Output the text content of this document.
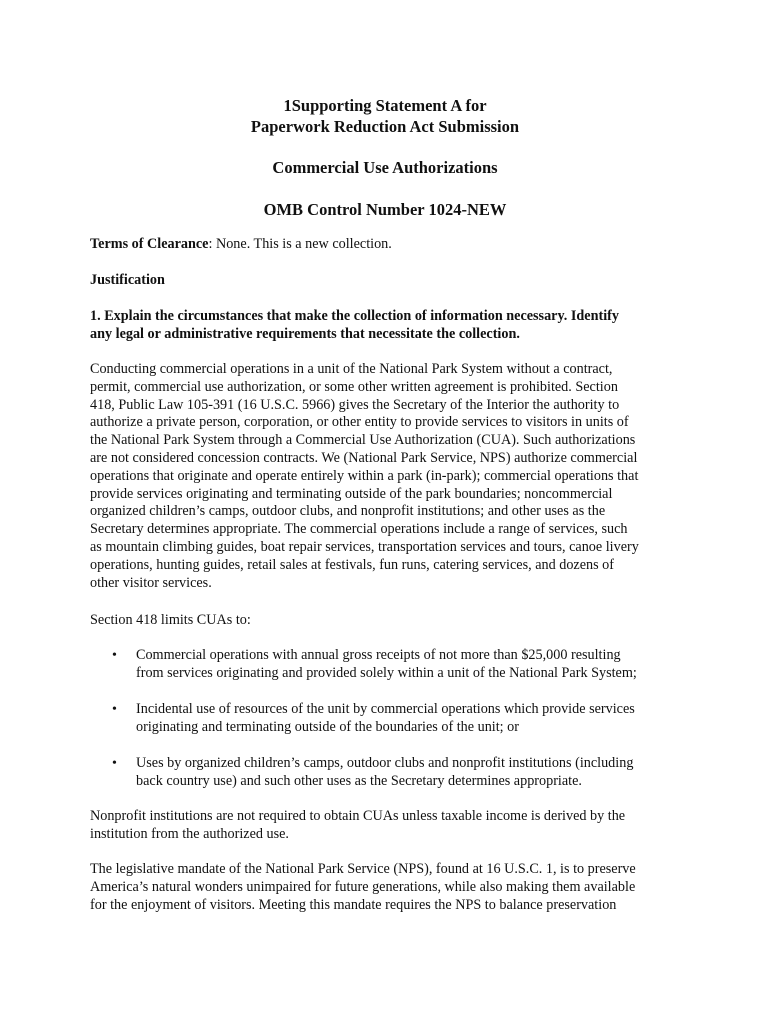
1Supporting Statement A for
Paperwork Reduction Act Submission
Commercial Use Authorizations
OMB Control Number 1024-NEW
Terms of Clearance: None. This is a new collection.
Justification
1. Explain the circumstances that make the collection of information necessary. Identify
any legal or administrative requirements that necessitate the collection.
Conducting commercial operations in a unit of the National Park System without a contract,
permit, commercial use authorization, or some other written agreement is prohibited. Section
418, Public Law 105-391 (16 U.S.C. 5966) gives the Secretary of the Interior the authority to
authorize a private person, corporation, or other entity to provide services to visitors in units of
the National Park System through a Commercial Use Authorization (CUA). Such authorizations
are not considered concession contracts. We (National Park Service, NPS) authorize commercial
operations that originate and operate entirely within a park (in-park); commercial operations that
provide services originating and terminating outside of the park boundaries; noncommercial
organized children’s camps, outdoor clubs, and nonprofit institutions; and other uses as the
Secretary determines appropriate. The commercial operations include a range of services, such
as mountain climbing guides, boat repair services, transportation services and tours, canoe livery
operations, hunting guides, retail sales at festivals, fun runs, catering services, and dozens of
other visitor services.
Section 418 limits CUAs to:
• Commercial operations with annual gross receipts of not more than $25,000 resulting
from services originating and provided solely within a unit of the National Park System;
• Incidental use of resources of the unit by commercial operations which provide services
originating and terminating outside of the boundaries of the unit; or
• Uses by organized children’s camps, outdoor clubs and nonprofit institutions (including
back country use) and such other uses as the Secretary determines appropriate.
Nonprofit institutions are not required to obtain CUAs unless taxable income is derived by the
institution from the authorized use.
The legislative mandate of the National Park Service (NPS), found at 16 U.S.C. 1, is to preserve
America’s natural wonders unimpaired for future generations, while also making them available
for the enjoyment of visitors. Meeting this mandate requires the NPS to balance preservation
